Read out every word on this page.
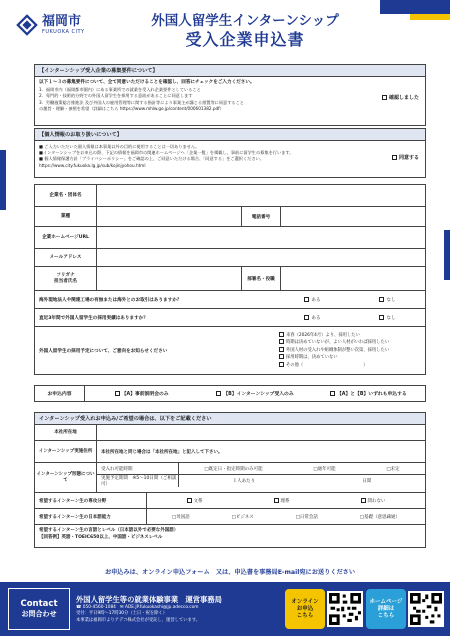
福岡市
FUKUOKA CITY
外国人留学生インターンシップ
受入企業申込書
【インターンシップ受入企業の募集要件について】
以下１〜３の募集要件について、全て同意いただけることを確認し、回答にチェックをご入力ください。
1．福岡市内（福岡都市圏内）にある事業所での就業を受入れ企業要件としていること
2．専門的・技術的分野での外国人留学生を採用する意欲があることに同意します
3．労働施策総合推進法 及び外国人の雇用管理等に関する指針等により事業主が講じる措置等に同意すること
の趣旨・理解・参照を希望（詳細はこちら https://www.mhlw.go.jp/content/000601382.pdf）
確認しました
【個人情報のお取り扱いについて】
■ ご入力いただいた個人情報は本事業以外の目的に使用することは一切ありません。
■インターンシップをお申込の際、下記の情報を福岡市の関連ホームページへ「企業一覧」を掲載し、事前に留学生の募集を行います。
■ 個人情報保護方針「プライバシーポリシー」をご確認の上、ご同意いただける場合、「同意する」をご選択ください。
https://www.city.fukuoka.lg.jp/sub/kojinjyohou.html
同意する
企業名・団体名
業種	電話番号
企業ホームページURL
メールアドレス
フリガナ
担当者氏名	部署名・役職
海外現地法人や関連工場の有無または海外とのお取引はありますか？	ある	なし
直近3年間で外国人留学生の採用実績はありますか？	ある	なし
外国人留学生の採用予定について、ご意向をお知らせください
来春（2026年4月）より、採用したい
時期は決めていないが、よい人材がいれば採用したい
外国人材の受入れや組織体制が整い次第、採用したい
採用時期は、決めていない
その他（　　　　　　　　　　　　　　）
お申込内容	【A】事前説明会のみ	【B】インターンシップ受入のみ	【A】と【B】いずれも申込する
インターンシップ受入れお申込み/ご希望の場合は、以下をご記載ください
本社所在地
インターンシップ実施住所	本社所在地と同じ場合は「本社所在地」と記入して下さい。
インターンシップ形態について
受入れ可能時期	□既定日・指定時期のみ可能	□通年可能	□未定
実施予定期間　※5〜10日間（ご相談可）
１人あたり	日間
希望するインターン生の専攻分野	文系	理系	問わない
希望するインターン生の日本語能力	□母国語	□ビジネス	□日常会話	□基礎（意思疎通）
希望するインターン生の言語とレベル（日本語以外で必要な外国語）
【回答例】英語・TOEIC650以上、中国語・ビジネスレベル
お申込みは、オンライン申込フォーム　又は、申込書を事務局E-mail宛にお送りください
Contact
お問合わせ
外国人留学生等の就業体験事業　運営事務局
☎ 050-4560-1084 ✉ ADE.JP.fukuokashi@jp.adecco.com
受付：平日9時〜17時30分（土日・祝を除く）
本事業は福岡市よりアデコ株式会社が受託し、運営しています。
オンライン
お申込
こちら
ホームページ
詳細は
こちら
